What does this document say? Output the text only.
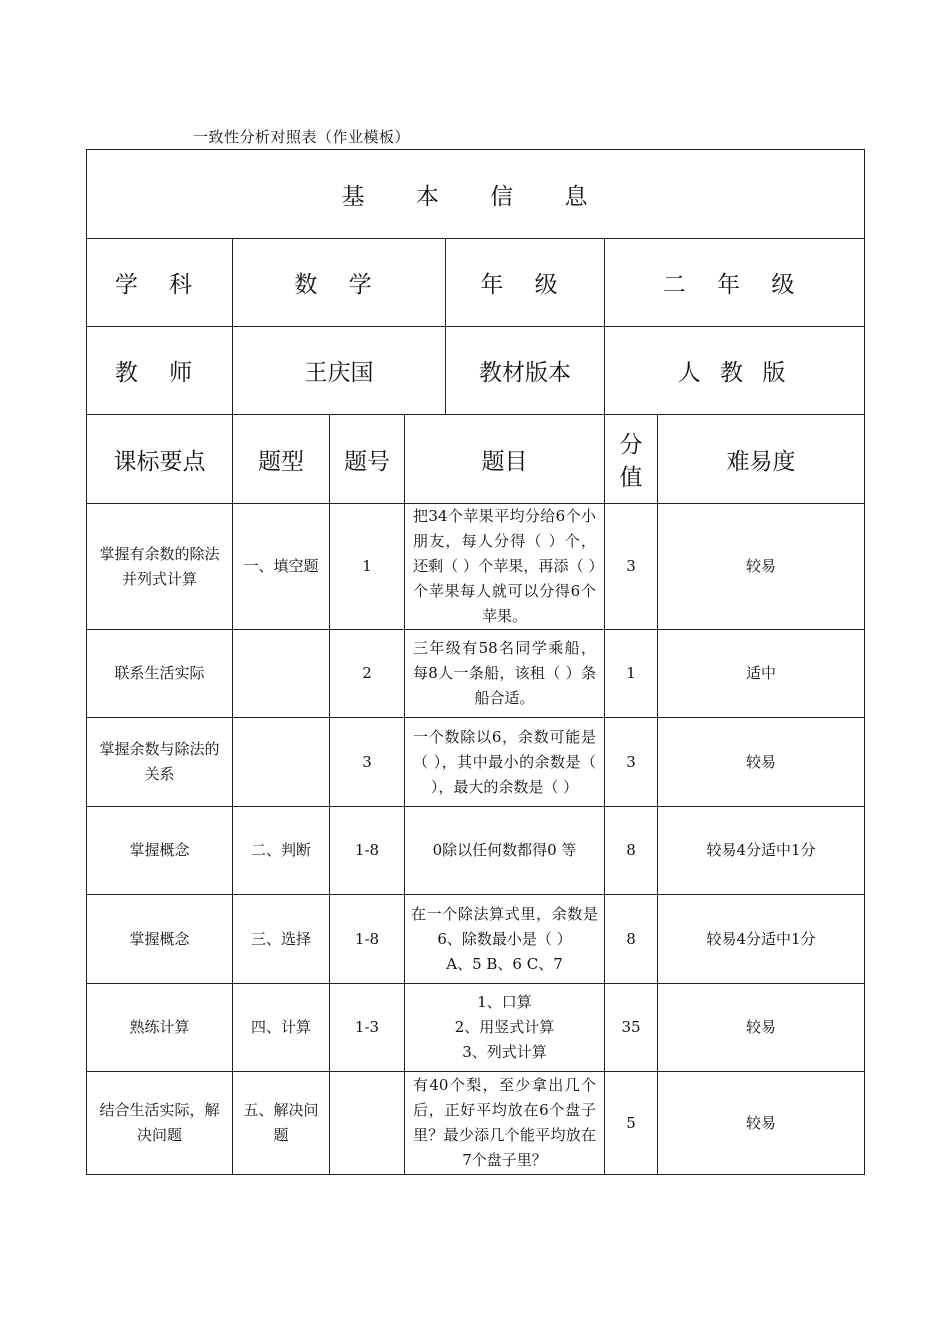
一致性分析对照表（作业模板）
基 本 信 息						
学 科	数 学			年 级	二 年 级	
教 师	王庆国			教材版本	人 教 版	
课标要点	题型	题号	题目		分值	难易度
掌握有余数的除法并列式计算	一、填空题	1	把34个苹果平均分给6个小朋友，每人分得（ ）个，还剩（ ）个苹果，再添（ ）个苹果每人就可以分得6个苹果。		3	较易
联系生活实际		2	三年级有58名同学乘船，每8人一条船，该租（ ）条船合适。		1	适中
掌握余数与除法的关系		3	一个数除以6，余数可能是（ ），其中最小的余数是（ ），最大的余数是（ ）		3	较易
掌握概念	二、判断	1-8	0除以任何数都得0 等		8	较易4分适中1分
掌握概念	三、选择	1-8	在一个除法算式里，余数是6、除数最小是（ ）
A、5 B、6 C、7		8	较易4分适中1分
熟练计算	四、计算	1-3	1、口算
2、用竖式计算
3、列式计算		35	较易
结合生活实际，解决问题	五、解决问题		有40个梨，至少拿出几个后，正好平均放在6个盘子里？最少添几个能平均放在7个盘子里？		5	较易
